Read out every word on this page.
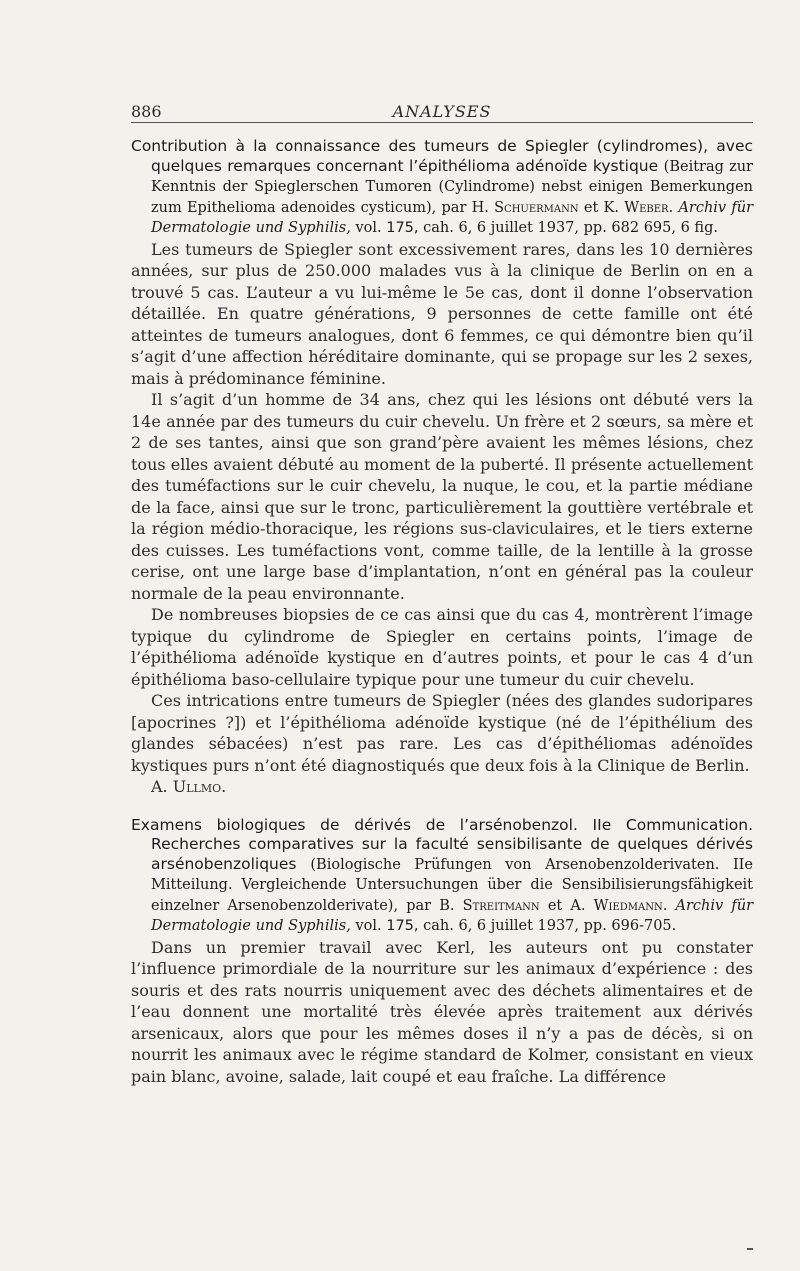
886	ANALYSES
Contribution à la connaissance des tumeurs de Spiegler (cylindromes), avec quelques remarques concernant l’épithélioma adénoïde kystique (Beitrag zur Kenntnis der Spieglerschen Tumoren (Cylindrome) nebst einigen Bemerkungen zum Epithelioma adenoides cysticum), par H. Schuermann et K. Weber. Archiv für Dermatologie und Syphilis, vol. 175, cah. 6, 6 juillet 1937, pp. 682 695, 6 fig.

Les tumeurs de Spiegler sont excessivement rares, dans les 10 dernières années, sur plus de 250.000 malades vus à la clinique de Berlin on en a trouvé 5 cas. L’auteur a vu lui-même le 5e cas, dont il donne l’observation détaillée. En quatre générations, 9 personnes de cette famille ont été atteintes de tumeurs analogues, dont 6 femmes, ce qui démontre bien qu’il s’agit d’une affection héréditaire dominante, qui se propage sur les 2 sexes, mais à prédominance féminine.

Il s’agit d’un homme de 34 ans, chez qui les lésions ont débuté vers la 14e année par des tumeurs du cuir chevelu. Un frère et 2 sœurs, sa mère et 2 de ses tantes, ainsi que son grand’père avaient les mêmes lésions, chez tous elles avaient débuté au moment de la puberté. Il présente actuellement des tuméfactions sur le cuir chevelu, la nuque, le cou, et la partie médiane de la face, ainsi que sur le tronc, particulièrement la gouttière vertébrale et la région médio-thoracique, les régions sus-claviculaires, et le tiers externe des cuisses. Les tuméfactions vont, comme taille, de la lentille à la grosse cerise, ont une large base d’implantation, n’ont en général pas la couleur normale de la peau environnante.

De nombreuses biopsies de ce cas ainsi que du cas 4, montrèrent l’image typique du cylindrome de Spiegler en certains points, l’image de l’épithélioma adénoïde kystique en d’autres points, et pour le cas 4 d’un épithélioma baso-cellulaire typique pour une tumeur du cuir chevelu.

Ces intrications entre tumeurs de Spiegler (nées des glandes sudoripares [apocrines ?]) et l’épithélioma adénoïde kystique (né de l’épithélium des glandes sébacées) n’est pas rare. Les cas d’épithéliomas adénoïdes kystiques purs n’ont été diagnostiqués que deux fois à la Clinique de Berlin.

A. Ullmo.

Examens biologiques de dérivés de l’arsénobenzol. IIe Communication. Recherches comparatives sur la faculté sensibilisante de quelques dérivés arsénobenzoliques (Biologische Prüfungen von Arsenobenzolderivaten. IIe Mitteilung. Vergleichende Untersuchungen über die Sensibilisierungsfähigkeit einzelner Arsenobenzolderivate), par B. Streitmann et A. Wiedmann. Archiv für Dermatologie und Syphilis, vol. 175, cah. 6, 6 juillet 1937, pp. 696-705.

Dans un premier travail avec Kerl, les auteurs ont pu constater l’influence primordiale de la nourriture sur les animaux d’expérience : des souris et des rats nourris uniquement avec des déchets alimentaires et de l’eau donnent une mortalité très élevée après traitement aux dérivés arsenicaux, alors que pour les mêmes doses il n’y a pas de décès, si on nourrit les animaux avec le régime standard de Kolmer, consistant en vieux pain blanc, avoine, salade, lait coupé et eau fraîche. La différence
